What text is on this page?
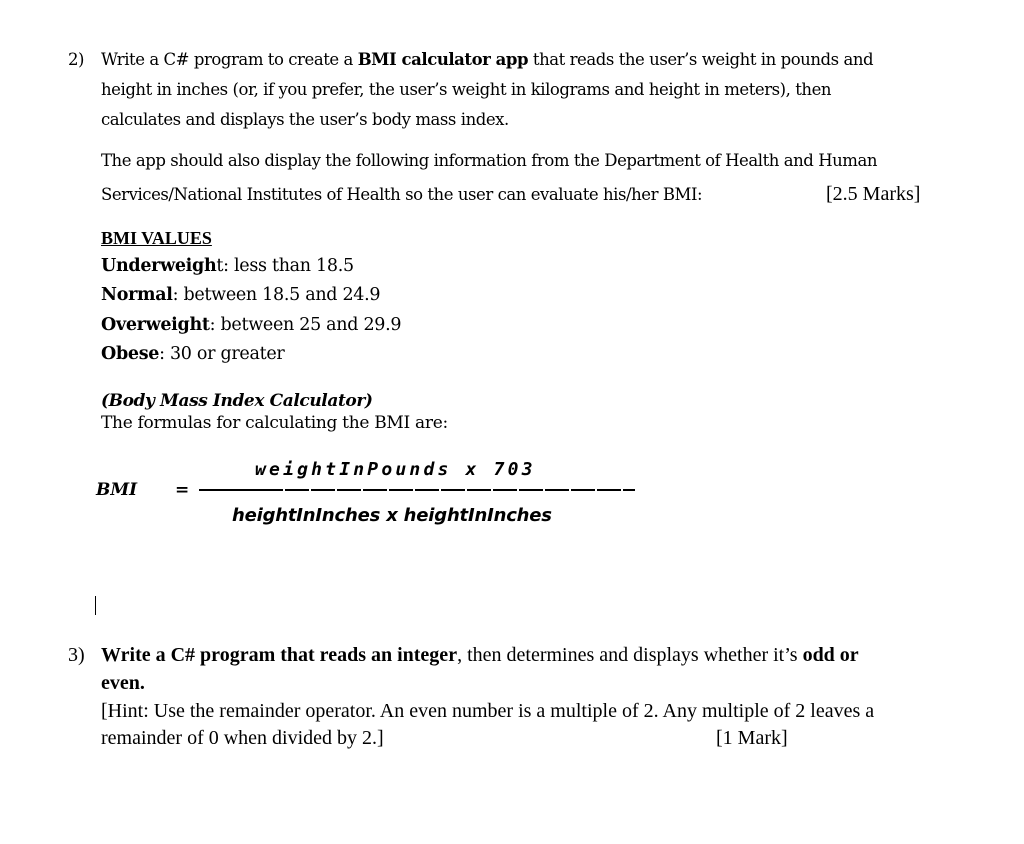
2) Write a C# program to create a BMI calculator app that reads the user’s weight in pounds and
height in inches (or, if you prefer, the user’s weight in kilograms and height in meters), then
calculates and displays the user’s body mass index.
The app should also display the following information from the Department of Health and Human
Services/National Institutes of Health so the user can evaluate his/her BMI:	[2.5 Marks]
BMI VALUES
Underweight: less than 18.5
Normal: between 18.5 and 24.9
Overweight: between 25 and 29.9
Obese: 30 or greater
(Body Mass Index Calculator)
The formulas for calculating the BMI are:
BMI =
weightInPounds x 703
heightInInches x heightInInches
3) Write a C# program that reads an integer, then determines and displays whether it’s odd or
even.
[Hint: Use the remainder operator. An even number is a multiple of 2. Any multiple of 2 leaves a
remainder of 0 when divided by 2.]	[1 Mark]
